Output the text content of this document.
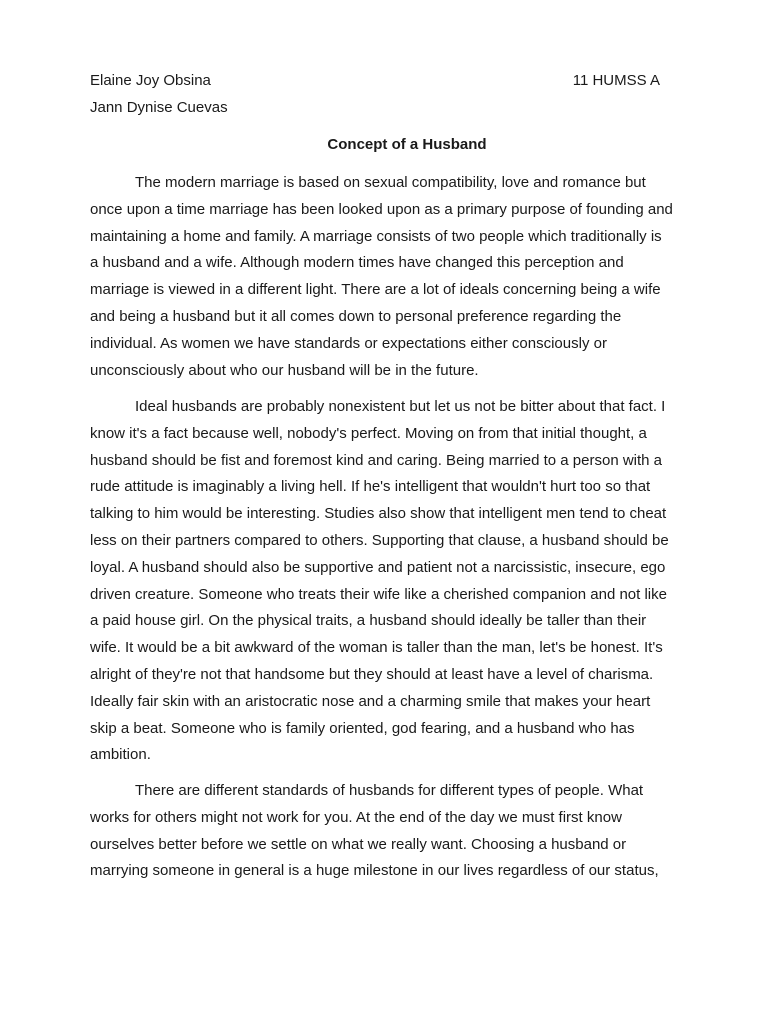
Elaine Joy Obsina
Jann Dynise Cuevas
11 HUMSS A
Concept of a Husband
The modern marriage is based on sexual compatibility, love and romance but
once upon a time marriage has been looked upon as a primary purpose of founding and
maintaining a home and family. A marriage consists of two people which traditionally is
a husband and a wife. Although modern times have changed this perception and
marriage is viewed in a different light. There are a lot of ideals concerning being a wife
and being a husband but it all comes down to personal preference regarding the
individual. As women we have standards or expectations either consciously or
unconsciously about who our husband will be in the future.
Ideal husbands are probably nonexistent but let us not be bitter about that fact. I
know it's a fact because well, nobody's perfect. Moving on from that initial thought, a
husband should be fist and foremost kind and caring. Being married to a person with a
rude attitude is imaginably a living hell. If he's intelligent that wouldn't hurt too so that
talking to him would be interesting. Studies also show that intelligent men tend to cheat
less on their partners compared to others. Supporting that clause, a husband should be
loyal. A husband should also be supportive and patient not a narcissistic, insecure, ego
driven creature. Someone who treats their wife like a cherished companion and not like
a paid house girl. On the physical traits, a husband should ideally be taller than their
wife. It would be a bit awkward of the woman is taller than the man, let's be honest. It's
alright of they're not that handsome but they should at least have a level of charisma.
Ideally fair skin with an aristocratic nose and a charming smile that makes your heart
skip a beat. Someone who is family oriented, god fearing, and a husband who has
ambition.
There are different standards of husbands for different types of people. What
works for others might not work for you. At the end of the day we must first know
ourselves better before we settle on what we really want. Choosing a husband or
marrying someone in general is a huge milestone in our lives regardless of our status,
